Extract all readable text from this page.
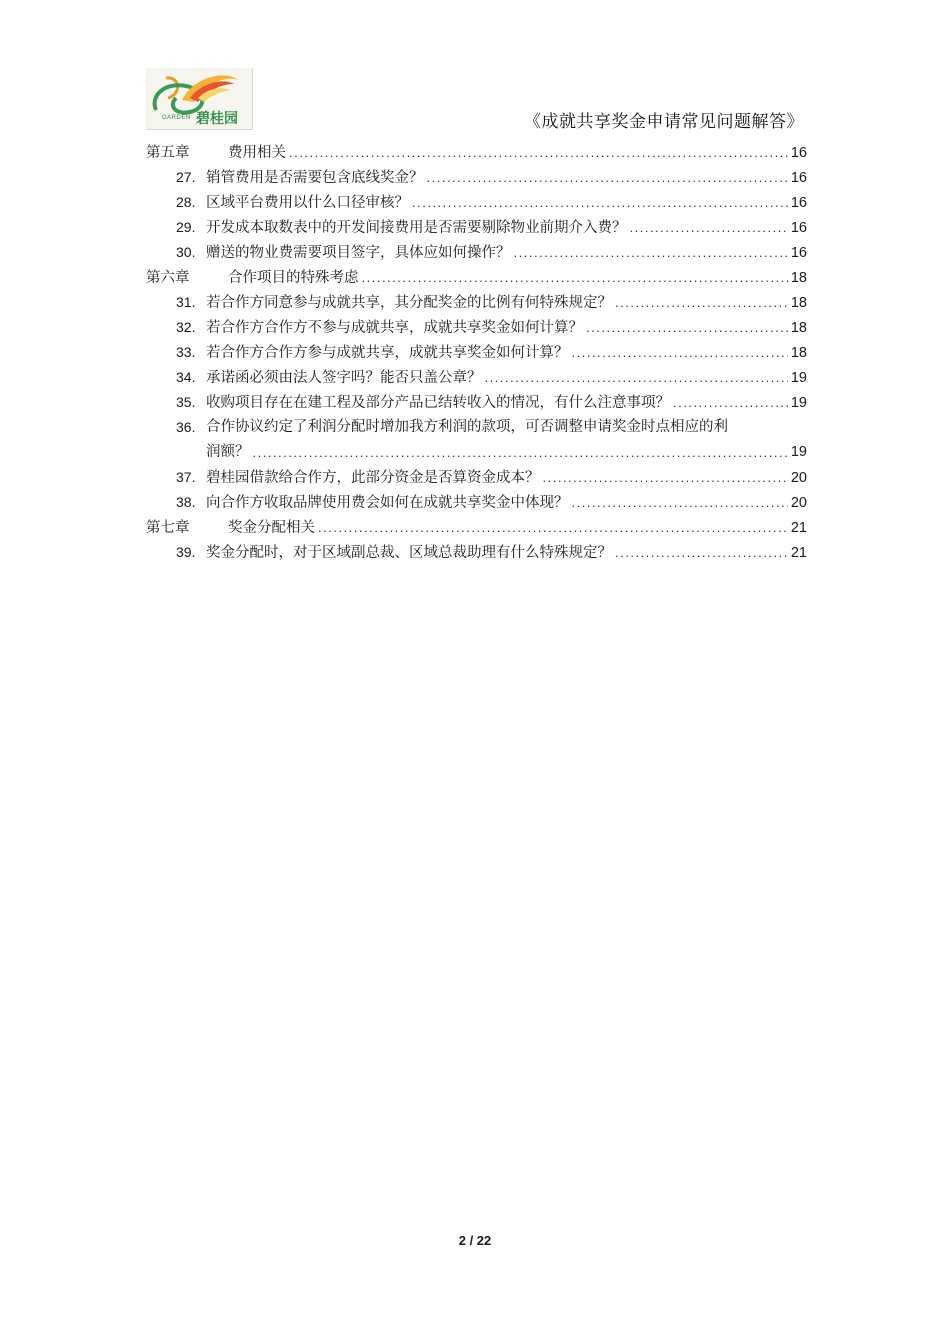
碧桂园
GARDEN	《成就共享奖金申请常见问题解答》
第五章	费用相关 .....	16
27. 销管费用是否需要包含底线奖金？ .....	16
28. 区域平台费用以什么口径审核？ .....	16
29. 开发成本取数表中的开发间接费用是否需要剔除物业前期介入费？ .....	16
30. 赠送的物业费需要项目签字，具体应如何操作？ .....	16
第六章	合作项目的特殊考虑 .....	18
31. 若合作方同意参与成就共享，其分配奖金的比例有何特殊规定？ .....	18
32. 若合作方合作方不参与成就共享，成就共享奖金如何计算？ .....	18
33. 若合作方合作方参与成就共享，成就共享奖金如何计算？ .....	18
34. 承诺函必须由法人签字吗？能否只盖公章？ .....	19
35. 收购项目存在在建工程及部分产品已结转收入的情况，有什么注意事项？ .....	19
36. 合作协议约定了利润分配时增加我方利润的款项，可否调整申请奖金时点相应的利
润额？ .....	19
37. 碧桂园借款给合作方，此部分资金是否算资金成本？ .....	20
38. 向合作方收取品牌使用费会如何在成就共享奖金中体现？ .....	20
第七章	奖金分配相关 .....	21
39. 奖金分配时，对于区域副总裁、区域总裁助理有什么特殊规定？ .....	21
2 / 22
